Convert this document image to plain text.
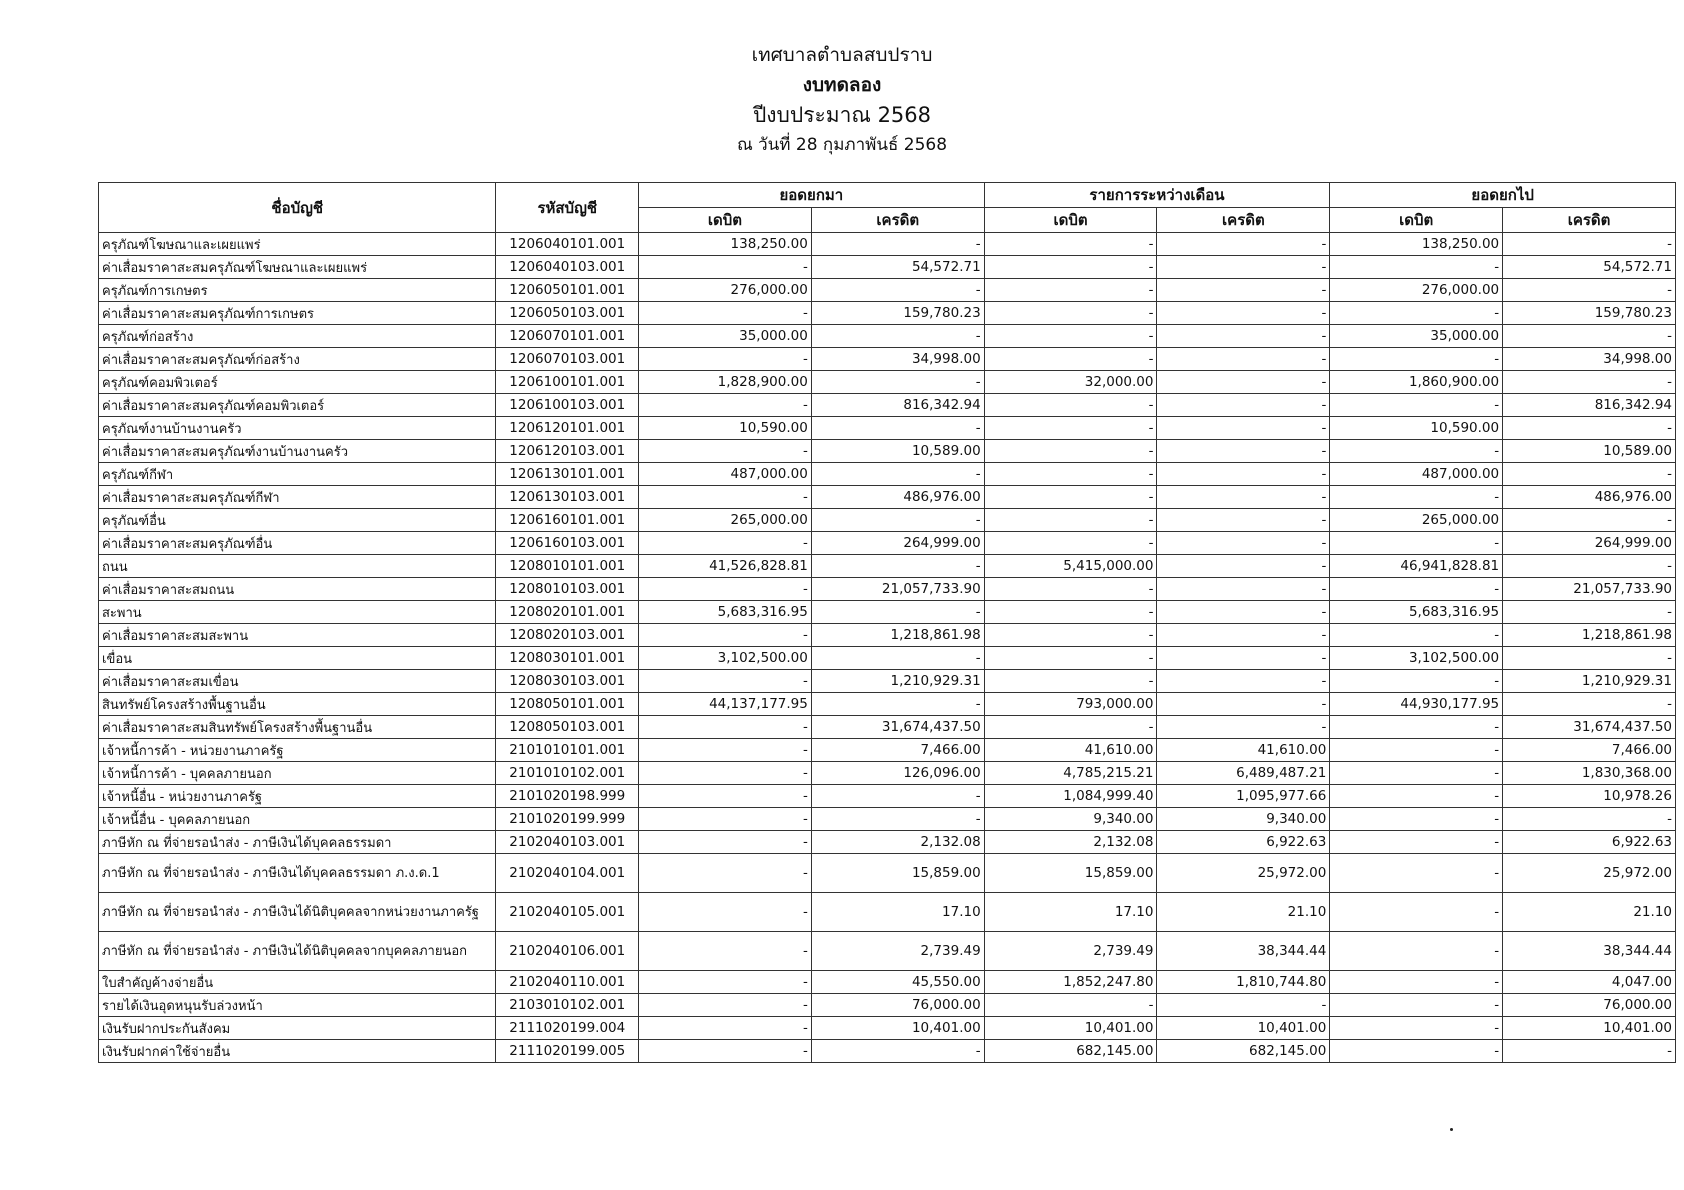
เทศบาลตำบลสบปราบ
งบทดลอง
ปีงบประมาณ 2568
ณ วันที่ 28 กุมภาพันธ์ 2568
ชื่อบัญชี	รหัสบัญชี	ยอดยกมา		รายการระหว่างเดือน		ยอดยกไป	
		เดบิต	เครดิต	เดบิต	เครดิต	เดบิต	เครดิต
ครุภัณฑ์โฆษณาและเผยแพร่	1206040101.001	138,250.00	-	-	-	138,250.00	-
ค่าเสื่อมราคาสะสมครุภัณฑ์โฆษณาและเผยแพร่	1206040103.001	-	54,572.71	-	-	-	54,572.71
ครุภัณฑ์การเกษตร	1206050101.001	276,000.00	-	-	-	276,000.00	-
ค่าเสื่อมราคาสะสมครุภัณฑ์การเกษตร	1206050103.001	-	159,780.23	-	-	-	159,780.23
ครุภัณฑ์ก่อสร้าง	1206070101.001	35,000.00	-	-	-	35,000.00	-
ค่าเสื่อมราคาสะสมครุภัณฑ์ก่อสร้าง	1206070103.001	-	34,998.00	-	-	-	34,998.00
ครุภัณฑ์คอมพิวเตอร์	1206100101.001	1,828,900.00	-	32,000.00	-	1,860,900.00	-
ค่าเสื่อมราคาสะสมครุภัณฑ์คอมพิวเตอร์	1206100103.001	-	816,342.94	-	-	-	816,342.94
ครุภัณฑ์งานบ้านงานครัว	1206120101.001	10,590.00	-	-	-	10,590.00	-
ค่าเสื่อมราคาสะสมครุภัณฑ์งานบ้านงานครัว	1206120103.001	-	10,589.00	-	-	-	10,589.00
ครุภัณฑ์กีฬา	1206130101.001	487,000.00	-	-	-	487,000.00	-
ค่าเสื่อมราคาสะสมครุภัณฑ์กีฬา	1206130103.001	-	486,976.00	-	-	-	486,976.00
ครุภัณฑ์อื่น	1206160101.001	265,000.00	-	-	-	265,000.00	-
ค่าเสื่อมราคาสะสมครุภัณฑ์อื่น	1206160103.001	-	264,999.00	-	-	-	264,999.00
ถนน	1208010101.001	41,526,828.81	-	5,415,000.00	-	46,941,828.81	-
ค่าเสื่อมราคาสะสมถนน	1208010103.001	-	21,057,733.90	-	-	-	21,057,733.90
สะพาน	1208020101.001	5,683,316.95	-	-	-	5,683,316.95	-
ค่าเสื่อมราคาสะสมสะพาน	1208020103.001	-	1,218,861.98	-	-	-	1,218,861.98
เขื่อน	1208030101.001	3,102,500.00	-	-	-	3,102,500.00	-
ค่าเสื่อมราคาสะสมเขื่อน	1208030103.001	-	1,210,929.31	-	-	-	1,210,929.31
สินทรัพย์โครงสร้างพื้นฐานอื่น	1208050101.001	44,137,177.95	-	793,000.00	-	44,930,177.95	-
ค่าเสื่อมราคาสะสมสินทรัพย์โครงสร้างพื้นฐานอื่น	1208050103.001	-	31,674,437.50	-	-	-	31,674,437.50
เจ้าหนี้การค้า - หน่วยงานภาครัฐ	2101010101.001	-	7,466.00	41,610.00	41,610.00	-	7,466.00
เจ้าหนี้การค้า - บุคคลภายนอก	2101010102.001	-	126,096.00	4,785,215.21	6,489,487.21	-	1,830,368.00
เจ้าหนี้อื่น - หน่วยงานภาครัฐ	2101020198.999	-	-	1,084,999.40	1,095,977.66	-	10,978.26
เจ้าหนี้อื่น - บุคคลภายนอก	2101020199.999	-	-	9,340.00	9,340.00	-	-
ภาษีหัก ณ ที่จ่ายรอนำส่ง - ภาษีเงินได้บุคคลธรรมดา	2102040103.001	-	2,132.08	2,132.08	6,922.63	-	6,922.63
ภาษีหัก ณ ที่จ่ายรอนำส่ง - ภาษีเงินได้บุคคลธรรมดา ภ.ง.ด.1	2102040104.001	-	15,859.00	15,859.00	25,972.00	-	25,972.00
ภาษีหัก ณ ที่จ่ายรอนำส่ง - ภาษีเงินได้นิติบุคคลจากหน่วยงานภาครัฐ	2102040105.001	-	17.10	17.10	21.10	-	21.10
ภาษีหัก ณ ที่จ่ายรอนำส่ง - ภาษีเงินได้นิติบุคคลจากบุคคลภายนอก	2102040106.001	-	2,739.49	2,739.49	38,344.44	-	38,344.44
ใบสำคัญค้างจ่ายอื่น	2102040110.001	-	45,550.00	1,852,247.80	1,810,744.80	-	4,047.00
รายได้เงินอุดหนุนรับล่วงหน้า	2103010102.001	-	76,000.00	-	-	-	76,000.00
เงินรับฝากประกันสังคม	2111020199.004	-	10,401.00	10,401.00	10,401.00	-	10,401.00
เงินรับฝากค่าใช้จ่ายอื่น	2111020199.005	-	-	682,145.00	682,145.00	-	-
